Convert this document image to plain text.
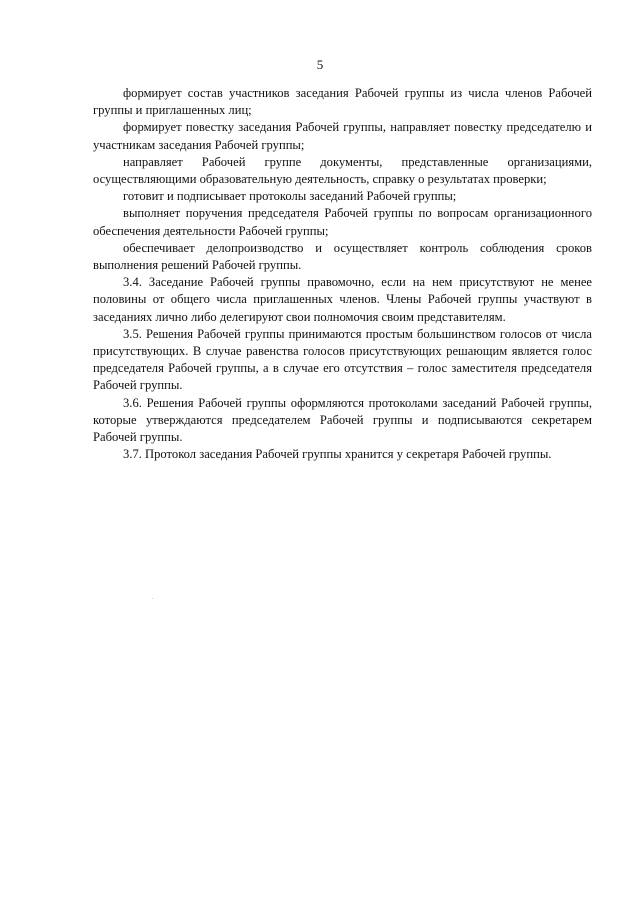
5

формирует состав участников заседания Рабочей группы из числа членов Рабочей группы и приглашенных лиц;

формирует повестку заседания Рабочей группы, направляет повестку председателю и участникам заседания Рабочей группы;

направляет Рабочей группе документы, представленные организациями, осуществляющими образовательную деятельность, справку о результатах проверки;

готовит и подписывает протоколы заседаний Рабочей группы;

выполняет поручения председателя Рабочей группы по вопросам организационного обеспечения деятельности Рабочей группы;

обеспечивает делопроизводство и осуществляет контроль соблюдения сроков выполнения решений Рабочей группы.

3.4. Заседание Рабочей группы правомочно, если на нем присутствуют не менее половины от общего числа приглашенных членов. Члены Рабочей группы участвуют в заседаниях лично либо делегируют свои полномочия своим представителям.

3.5. Решения Рабочей группы принимаются простым большинством голосов от числа присутствующих. В случае равенства голосов присутствующих решающим является голос председателя Рабочей группы, а в случае его отсутствия – голос заместителя председателя Рабочей группы.

3.6. Решения Рабочей группы оформляются протоколами заседаний Рабочей группы, которые утверждаются председателем Рабочей группы и подписываются секретарем Рабочей группы.

3.7. Протокол заседания Рабочей группы хранится у секретаря Рабочей группы.
